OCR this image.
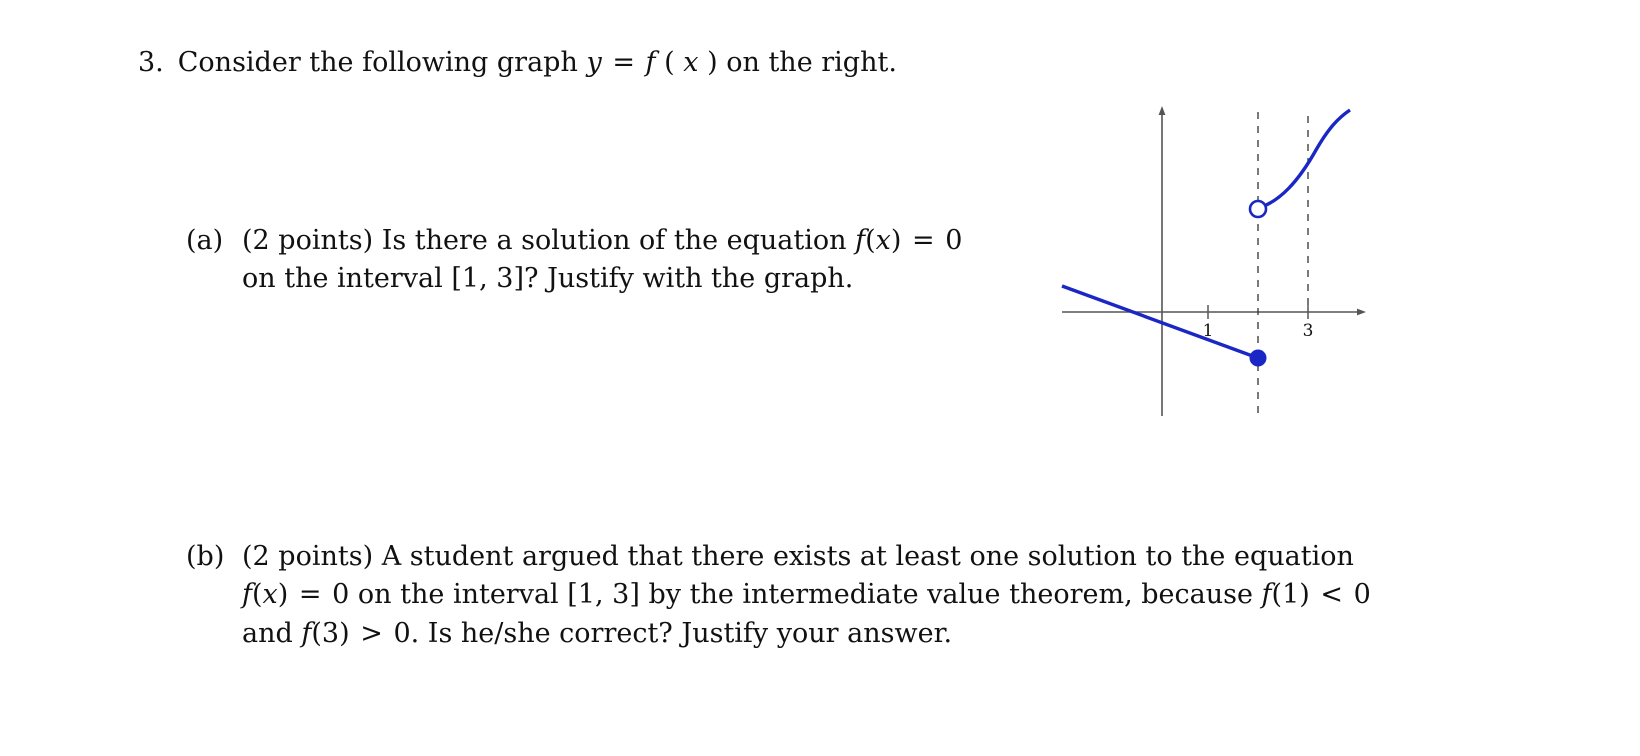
3. Consider the following graph y = f ( x ) on the right.
(a) (2 points) Is there a solution of the equation f(x) = 0
on the interval [1, 3]? Justify with the graph.
(b) (2 points) A student argued that there exists at least one solution to the equation
f(x) = 0 on the interval [1, 3] by the intermediate value theorem, because f(1) < 0
and f(3) > 0. Is he/she correct? Justify your answer.
1	3
